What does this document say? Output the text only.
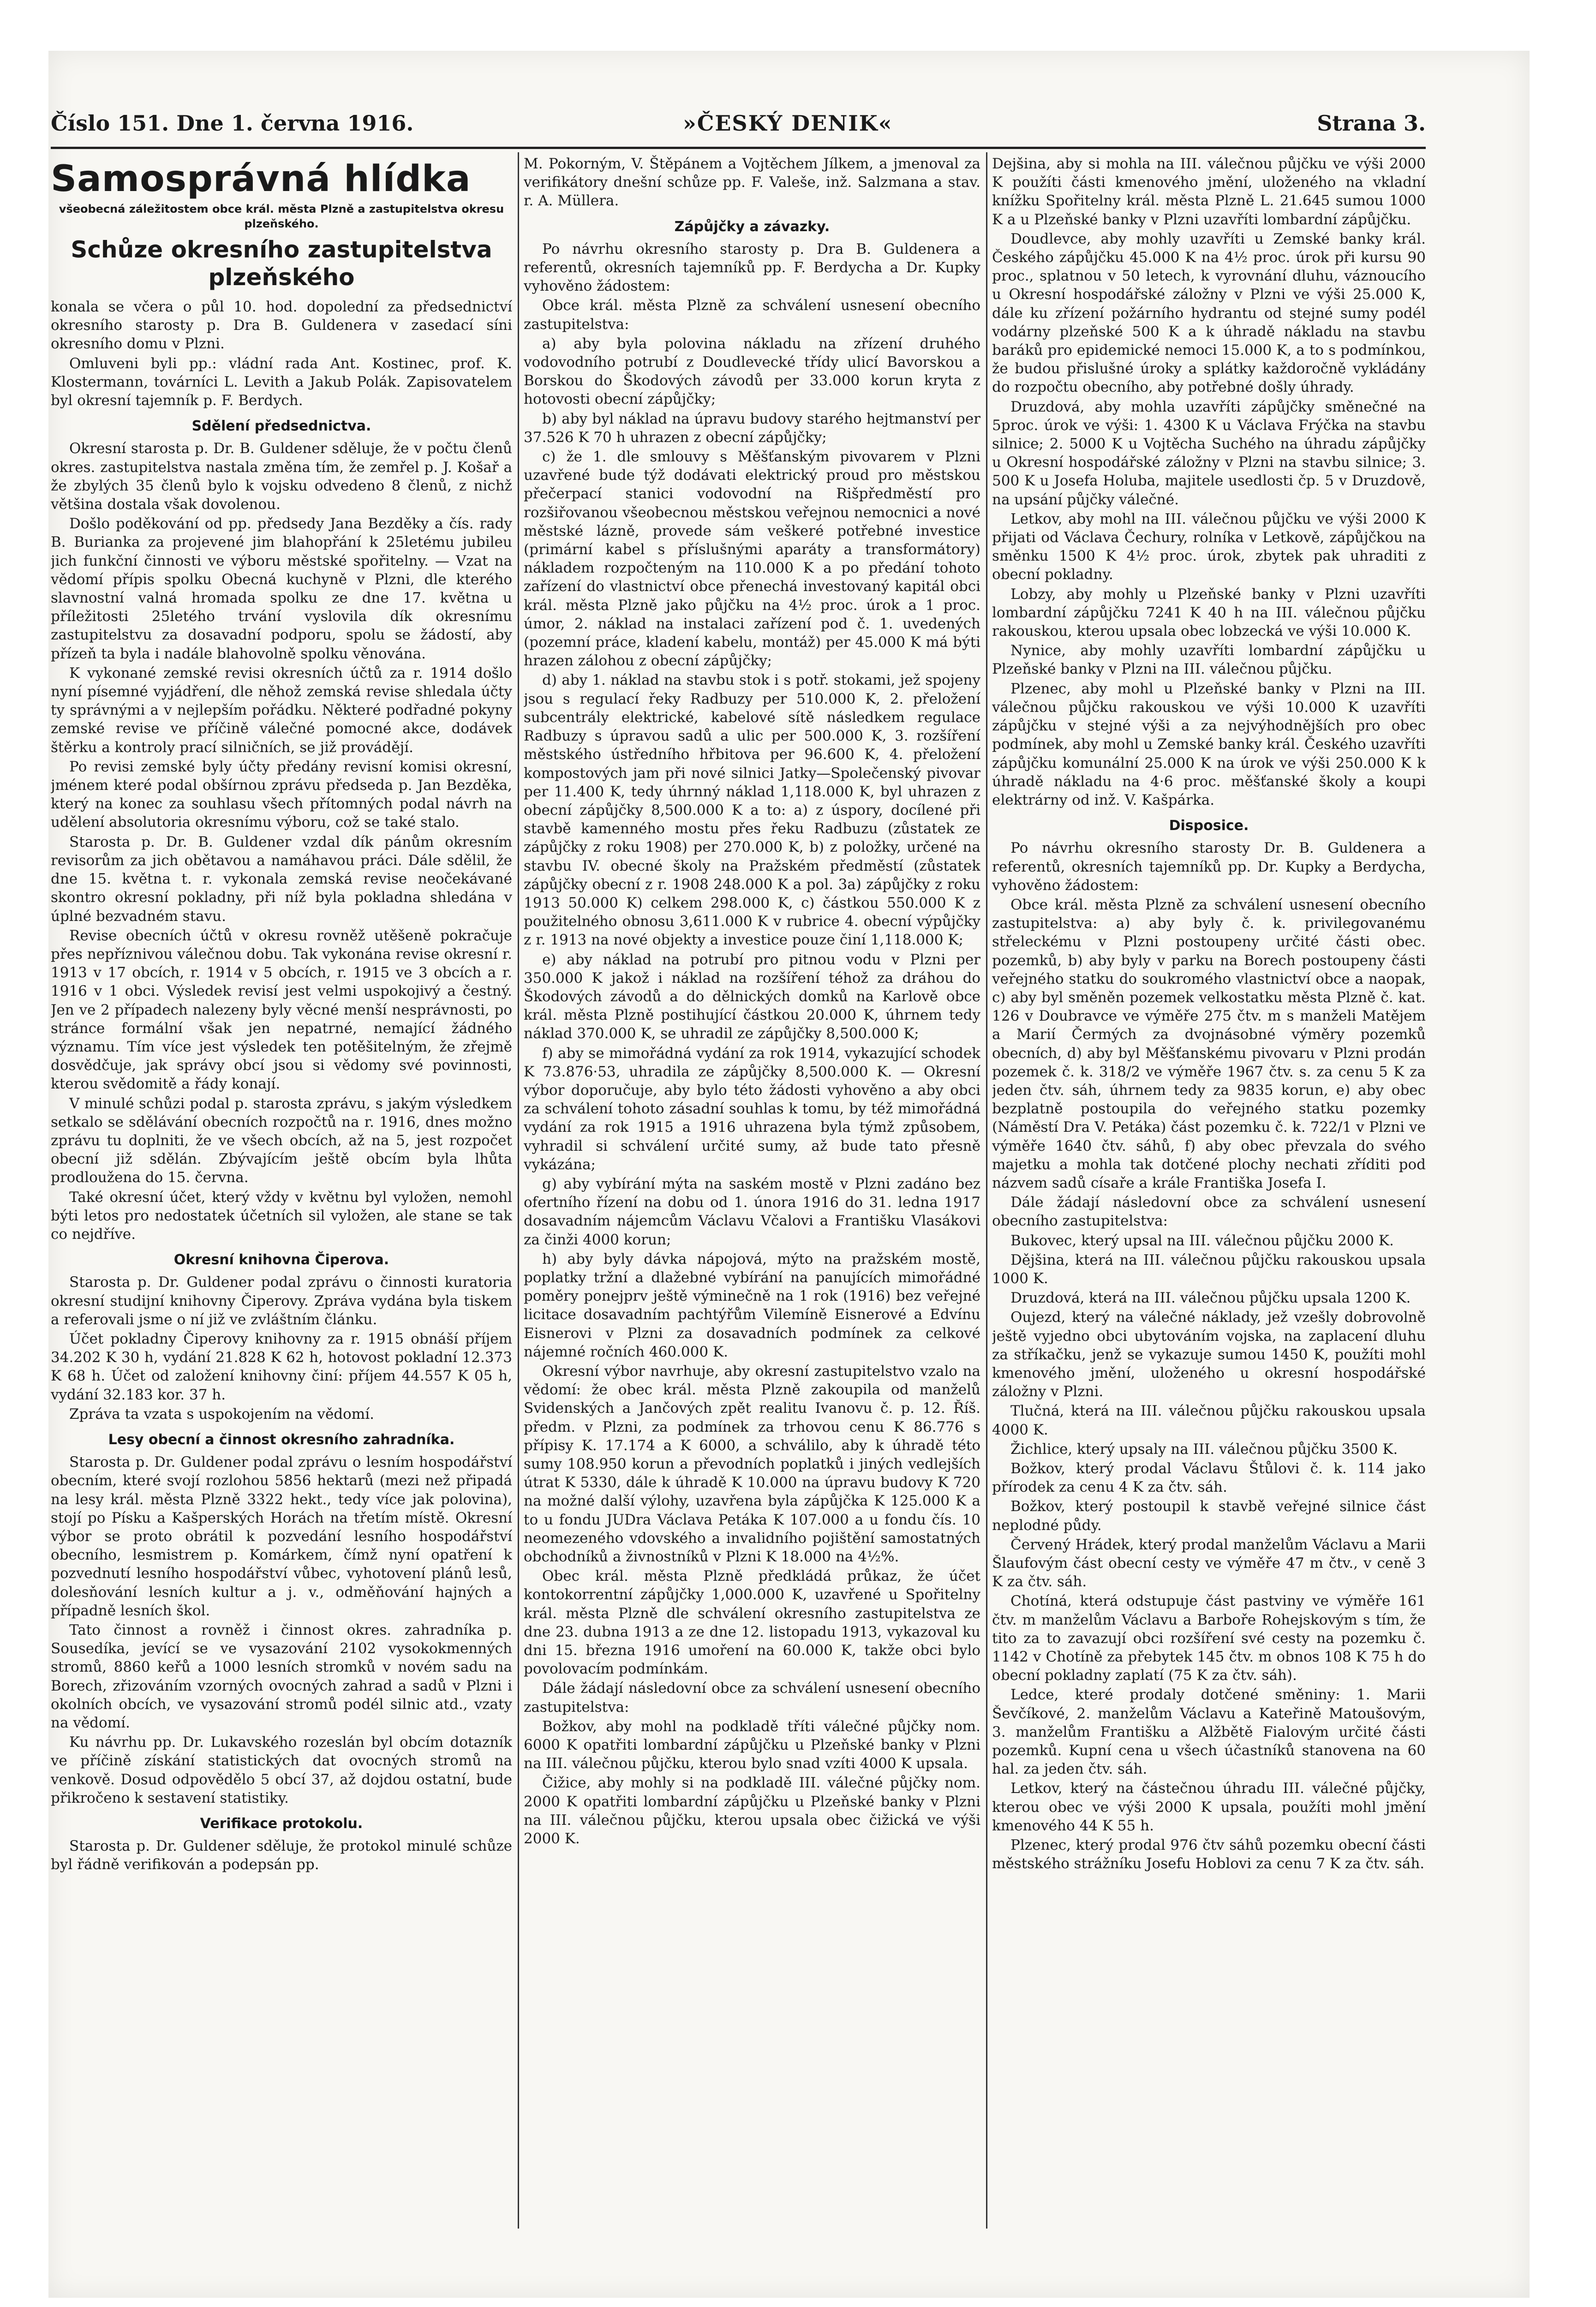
Číslo 151. Dne 1. června 1916.	»ČESKÝ DENIK«	Strana 3.
Samosprávná hlídka
všeobecná záležitostem obce král. města Plzně a zastupitelstva okresu plzeňského.
Schůze okresního zastupitelstva plzeňského

konala se včera o půl 10. hod. dopolední za předsednictví okresního starosty p. Dra B. Guldenera v zasedací síni okresního domu v Plzni.

Omluveni byli pp.: vládní rada Ant. Kostinec, prof. K. Klostermann, továrníci L. Levith a Jakub Polák. Zapisovatelem byl okresní tajemník p. F. Berdych.

Sdělení předsednictva.

Okresní starosta p. Dr. B. Guldener sděluje, že v počtu členů okres. zastupitelstva nastala změna tím, že zemřel p. J. Košař a že zbylých 35 členů bylo k vojsku odvedeno 8 členů, z nichž většina dostala však dovolenou.

Došlo poděkování od pp. předsedy Jana Bezděky a čís. rady B. Burianka za projevené jim blahopřání k 25letému jubileu jich funkční činnosti ve výboru městské spořitelny. — Vzat na vědomí přípis spolku Obecná kuchyně v Plzni, dle kterého slavnostní valná hromada spolku ze dne 17. května u příležitosti 25letého trvání vyslovila dík okresnímu zastupitelstvu za dosavadní podporu, spolu se žádostí, aby přízeň ta byla i nadále blahovolně spolku věnována.

K vykonané zemské revisi okresních účtů za r. 1914 došlo nyní písemné vyjádření, dle něhož zemská revise shledala účty ty správnými a v nejlepším pořádku. Některé podřadné pokyny zemské revise ve příčině válečné pomocné akce, dodávek štěrku a kontroly prací silničních, se již provádějí.

Po revisi zemské byly účty předány revisní komisi okresní, jménem které podal obšírnou zprávu předseda p. Jan Bezděka, který na konec za souhlasu všech přítomných podal návrh na udělení absolutoria okresnímu výboru, což se také stalo.

Starosta p. Dr. B. Guldener vzdal dík pánům okresním revisorům za jich obětavou a namáhavou práci. Dále sdělil, že dne 15. května t. r. vykonala zemská revise neočekávané skontro okresní pokladny, při níž byla pokladna shledána v úplné bezvadném stavu.

Revise obecních účtů v okresu rovněž utěšeně pokračuje přes nepříznivou válečnou dobu. Tak vykonána revise okresní r. 1913 v 17 obcích, r. 1914 v 5 obcích, r. 1915 ve 3 obcích a r. 1916 v 1 obci. Výsledek revisí jest velmi uspokojivý a čestný. Jen ve 2 případech nalezeny byly věcné menší nesprávnosti, po stránce formální však jen nepatrné, nemající žádného významu. Tím více jest výsledek ten potěšitelným, že zřejmě dosvědčuje, jak správy obcí jsou si vědomy své povinnosti, kterou svědomitě a řády konají.

V minulé schůzi podal p. starosta zprávu, s jakým výsledkem setkalo se sdělávání obecních rozpočtů na r. 1916, dnes možno zprávu tu doplniti, že ve všech obcích, až na 5, jest rozpočet obecní již sdělán. Zbývajícím ještě obcím byla lhůta prodloužena do 15. června.

Také okresní účet, který vždy v květnu byl vyložen, nemohl býti letos pro nedostatek účetních sil vyložen, ale stane se tak co nejdříve.

Okresní knihovna Čiperova.

Starosta p. Dr. Guldener podal zprávu o činnosti kuratoria okresní studijní knihovny Čiperovy. Zpráva vydána byla tiskem a referovali jsme o ní již ve zvláštním článku.

Účet pokladny Čiperovy knihovny za r. 1915 obnáší příjem 34.202 K 30 h, vydání 21.828 K 62 h, hotovost pokladní 12.373 K 68 h. Účet od založení knihovny činí: příjem 44.557 K 05 h, vydání 32.183 kor. 37 h.

Zpráva ta vzata s uspokojením na vědomí.

Lesy obecní a činnost okresního zahradníka.

Starosta p. Dr. Guldener podal zprávu o lesním hospodářství obecním, které svojí rozlohou 5856 hektarů (mezi než připadá na lesy král. města Plzně 3322 hekt., tedy více jak polovina), stojí po Písku a Kašperských Horách na třetím místě. Okresní výbor se proto obrátil k pozvedání lesního hospodářství obecního, lesmistrem p. Komárkem, čímž nyní opatření k pozvednutí lesního hospodářství vůbec, vyhotovení plánů lesů, dolesňování lesních kultur a j. v., odměňování hajných a případně lesních škol.

Tato činnost a rovněž i činnost okres. zahradníka p. Sousedíka, jevící se ve vysazování 2102 vysokokmenných stromů, 8860 keřů a 1000 lesních stromků v novém sadu na Borech, zřizováním vzorných ovocných zahrad a sadů v Plzni i okolních obcích, ve vysazování stromů podél silnic atd., vzaty na vědomí.

Ku návrhu pp. Dr. Lukavského rozeslán byl obcím dotazník ve příčině získání statistických dat ovocných stromů na venkově. Dosud odpovědělo 5 obcí 37, až dojdou ostatní, bude přikročeno k sestavení statistiky.

Verifikace protokolu.

Starosta p. Dr. Guldener sděluje, že protokol minulé schůze byl řádně verifikován a podepsán pp.

M. Pokorným, V. Štěpánem a Vojtěchem Jílkem, a jmenoval za verifikátory dnešní schůze pp. F. Valeše, inž. Salzmana a stav. r. A. Müllera.

Zápůjčky a závazky.

Po návrhu okresního starosty p. Dra B. Guldenera a referentů, okresních tajemníků pp. F. Berdycha a Dr. Kupky vyhověno žádostem:

Obce král. města Plzně za schválení usnesení obecního zastupitelstva:

a) aby byla polovina nákladu na zřízení druhého vodovodního potrubí z Doudlevecké třídy ulicí Bavorskou a Borskou do Škodových závodů per 33.000 korun kryta z hotovosti obecní zápůjčky;

b) aby byl náklad na úpravu budovy starého hejtmanství per 37.526 K 70 h uhrazen z obecní zápůjčky;

c) že 1. dle smlouvy s Měšťanským pivovarem v Plzni uzavřené bude týž dodávati elektrický proud pro městskou přečerpací stanici vodovodní na Rišpředměstí pro rozšiřovanou všeobecnou městskou veřejnou nemocnici a nové městské lázně, provede sám veškeré potřebné investice (primární kabel s příslušnými aparáty a transformátory) nákladem rozpočteným na 110.000 K a po předání tohoto zařízení do vlastnictví obce přenechá investovaný kapitál obci král. města Plzně jako půjčku na 4½ proc. úrok a 1 proc. úmor, 2. náklad na instalaci zařízení pod č. 1. uvedených (pozemní práce, kladení kabelu, montáž) per 45.000 K má býti hrazen zálohou z obecní zápůjčky;

d) aby 1. náklad na stavbu stok i s potř. stokami, jež spojeny jsou s regulací řeky Radbuzy per 510.000 K, 2. přeložení subcentrály elektrické, kabelové sítě následkem regulace Radbuzy s úpravou sadů a ulic per 500.000 K, 3. rozšíření městského ústředního hřbitova per 96.600 K, 4. přeložení kompostových jam při nové silnici Jatky—Společenský pivovar per 11.400 K, tedy úhrnný náklad 1,118.000 K, byl uhrazen z obecní zápůjčky 8,500.000 K a to: a) z úspory, docílené při stavbě kamenného mostu přes řeku Radbuzu (zůstatek ze zápůjčky z roku 1908) per 270.000 K, b) z položky, určené na stavbu IV. obecné školy na Pražském předměstí (zůstatek zápůjčky obecní z r. 1908 248.000 K a pol. 3a) zápůjčky z roku 1913 50.000 K) celkem 298.000 K, c) částkou 550.000 K z použitelného obnosu 3,611.000 K v rubrice 4. obecní výpůjčky z r. 1913 na nové objekty a investice pouze činí 1,118.000 K;

e) aby náklad na potrubí pro pitnou vodu v Plzni per 350.000 K jakož i náklad na rozšíření téhož za dráhou do Škodových závodů a do dělnických domků na Karlově obce král. města Plzně postihující částkou 20.000 K, úhrnem tedy náklad 370.000 K, se uhradil ze zápůjčky 8,500.000 K;

f) aby se mimořádná vydání za rok 1914, vykazující schodek K 73.876·53, uhradila ze zápůjčky 8,500.000 K. — Okresní výbor doporučuje, aby bylo této žádosti vyhověno a aby obci za schválení tohoto zásadní souhlas k tomu, by též mimořádná vydání za rok 1915 a 1916 uhrazena byla týmž způsobem, vyhradil si schválení určité sumy, až bude tato přesně vykázána;

g) aby vybírání mýta na saském mostě v Plzni zadáno bez ofertního řízení na dobu od 1. února 1916 do 31. ledna 1917 dosavadním nájemcům Václavu Včalovi a Františku Vlasákovi za činži 4000 korun;

h) aby byly dávka nápojová, mýto na pražském mostě, poplatky tržní a dlažebné vybírání na panujících mimořádné poměry ponejprv ještě výminečně na 1 rok (1916) bez veřejné licitace dosavadním pachtýřům Vilemíně Eisnerové a Edvínu Eisnerovi v Plzni za dosavadních podmínek za celkové nájemné ročních 460.000 K.

Okresní výbor navrhuje, aby okresní zastupitelstvo vzalo na vědomí: že obec král. města Plzně zakoupila od manželů Svidenských a Jančových zpět realitu Ivanovu č. p. 12. Říš. předm. v Plzni, za podmínek za trhovou cenu K 86.776 s přípisy K. 17.174 a K 6000, a schválilo, aby k úhradě této sumy 108.950 korun a převodních poplatků i jiných vedlejších útrat K 5330, dále k úhradě K 10.000 na úpravu budovy K 720 na možné další výlohy, uzavřena byla zápůjčka K 125.000 K a to u fondu JUDra Václava Petáka K 107.000 a u fondu čís. 10 neomezeného vdovského a invalidního pojištění samostatných obchodníků a živnostníků v Plzni K 18.000 na 4½%.

Obec král. města Plzně předkládá průkaz, že účet kontokorrentní zápůjčky 1,000.000 K, uzavřené u Spořitelny král. města Plzně dle schválení okresního zastupitelstva ze dne 23. dubna 1913 a ze dne 12. listopadu 1913, vykazoval ku dni 15. března 1916 umoření na 60.000 K, takže obci bylo povolovacím podmínkám.

Dále žádají následovní obce za schválení usnesení obecního zastupitelstva:

Božkov, aby mohl na podkladě tříti válečné půjčky nom. 6000 K opatřiti lombardní zápůjčku u Plzeňské banky v Plzni na III. válečnou půjčku, kterou bylo snad vzíti 4000 K upsala.

Čižice, aby mohly si na podkladě III. válečné půjčky nom. 2000 K opatřiti lombardní zápůjčku u Plzeňské banky v Plzni na III. válečnou půjčku, kterou upsala obec čižická ve výši 2000 K.

Dejšina, aby si mohla na III. válečnou půjčku ve výši 2000 K použíti části kmenového jmění, uloženého na vkladní knížku Spořitelny král. města Plzně L. 21.645 sumou 1000 K a u Plzeňské banky v Plzni uzavříti lombardní zápůjčku.

Doudlevce, aby mohly uzavříti u Zemské banky král. Českého zápůjčku 45.000 K na 4½ proc. úrok při kursu 90 proc., splatnou v 50 letech, k vyrovnání dluhu, váznoucího u Okresní hospodářské záložny v Plzni ve výši 25.000 K, dále ku zřízení požárního hydrantu od stejné sumy podél vodárny plzeňské 500 K a k úhradě nákladu na stavbu baráků pro epidemické nemoci 15.000 K, a to s podmínkou, že budou přislušné úroky a splátky každoročně vykládány do rozpočtu obecního, aby potřebné došly úhrady.

Druzdová, aby mohla uzavříti zápůjčky směnečné na 5proc. úrok ve výši: 1. 4300 K u Václava Frýčka na stavbu silnice; 2. 5000 K u Vojtěcha Suchého na úhradu zápůjčky u Okresní hospodářské záložny v Plzni na stavbu silnice; 3. 500 K u Josefa Holuba, majitele usedlosti čp. 5 v Druzdově, na upsání půjčky válečné.

Letkov, aby mohl na III. válečnou půjčku ve výši 2000 K přijati od Václava Čechury, rolníka v Letkově, zápůjčkou na směnku 1500 K 4½ proc. úrok, zbytek pak uhraditi z obecní pokladny.

Lobzy, aby mohly u Plzeňské banky v Plzni uzavříti lombardní zápůjčku 7241 K 40 h na III. válečnou půjčku rakouskou, kterou upsala obec lobzecká ve výši 10.000 K.

Nynice, aby mohly uzavříti lombardní zápůjčku u Plzeňské banky v Plzni na III. válečnou půjčku.

Plzenec, aby mohl u Plzeňské banky v Plzni na III. válečnou půjčku rakouskou ve výši 10.000 K uzavříti zápůjčku v stejné výši a za nejvýhodnějších pro obec podmínek, aby mohl u Zemské banky král. Českého uzavříti zápůjčku komunální 25.000 K na úrok ve výši 250.000 K k úhradě nákladu na 4·6 proc. měšťanské školy a koupi elektrárny od inž. V. Kašpárka.

Disposice.

Po návrhu okresního starosty Dr. B. Guldenera a referentů, okresních tajemníků pp. Dr. Kupky a Berdycha, vyhověno žádostem:

Obce král. města Plzně za schválení usnesení obecního zastupitelstva: a) aby byly č. k. privilegovanému střeleckému v Plzni postoupeny určité části obec. pozemků, b) aby byly v parku na Borech postoupeny části veřejného statku do soukromého vlastnictví obce a naopak, c) aby byl směněn pozemek velkostatku města Plzně č. kat. 126 v Doubravce ve výměře 275 čtv. m s manželi Matějem a Marií Čermých za dvojnásobné výměry pozemků obecních, d) aby byl Měšťanskému pivovaru v Plzni prodán pozemek č. k. 318/2 ve výměře 1967 čtv. s. za cenu 5 K za jeden čtv. sáh, úhrnem tedy za 9835 korun, e) aby obec bezplatně postoupila do veřejného statku pozemky (Náměstí Dra V. Petáka) část pozemku č. k. 722/1 v Plzni ve výměře 1640 čtv. sáhů, f) aby obec převzala do svého majetku a mohla tak dotčené plochy nechati zříditi pod názvem sadů císaře a krále Františka Josefa I.

Dále žádají následovní obce za schválení usnesení obecního zastupitelstva:

Bukovec, který upsal na III. válečnou půjčku 2000 K.

Dějšina, která na III. válečnou půjčku rakouskou upsala 1000 K.

Druzdová, která na III. válečnou půjčku upsala 1200 K.

Oujezd, který na válečné náklady, jež vzešly dobrovolně ještě vyjedno obci ubytováním vojska, na zaplacení dluhu za stříkačku, jenž se vykazuje sumou 1450 K, použíti mohl kmenového jmění, uloženého u okresní hospodářské záložny v Plzni.

Tlučná, která na III. válečnou půjčku rakouskou upsala 4000 K.

Žichlice, který upsaly na III. válečnou půjčku 3500 K.

Božkov, který prodal Václavu Štůlovi č. k. 114 jako přírodek za cenu 4 K za čtv. sáh.

Božkov, který postoupil k stavbě veřejné silnice část neplodné půdy.

Červený Hrádek, který prodal manželům Václavu a Marii Šlaufovým část obecní cesty ve výměře 47 m čtv., v ceně 3 K za čtv. sáh.

Chotíná, která odstupuje část pastviny ve výměře 161 čtv. m manželům Václavu a Barboře Rohejskovým s tím, že tito za to zavazují obci rozšíření své cesty na pozemku č. 1142 v Chotíně za přebytek 145 čtv. m obnos 108 K 75 h do obecní pokladny zaplatí (75 K za čtv. sáh).

Ledce, které prodaly dotčené směniny: 1. Marii Ševčíkové, 2. manželům Václavu a Kateřině Matoušovým, 3. manželům Františku a Alžbětě Fialovým určité části pozemků. Kupní cena u všech účastníků stanovena na 60 hal. za jeden čtv. sáh.

Letkov, který na částečnou úhradu III. válečné půjčky, kterou obec ve výši 2000 K upsala, použíti mohl jmění kmenového 44 K 55 h.

Plzenec, který prodal 976 čtv sáhů pozemku obecní části městského strážníku Josefu Hoblovi za cenu 7 K za čtv. sáh.
